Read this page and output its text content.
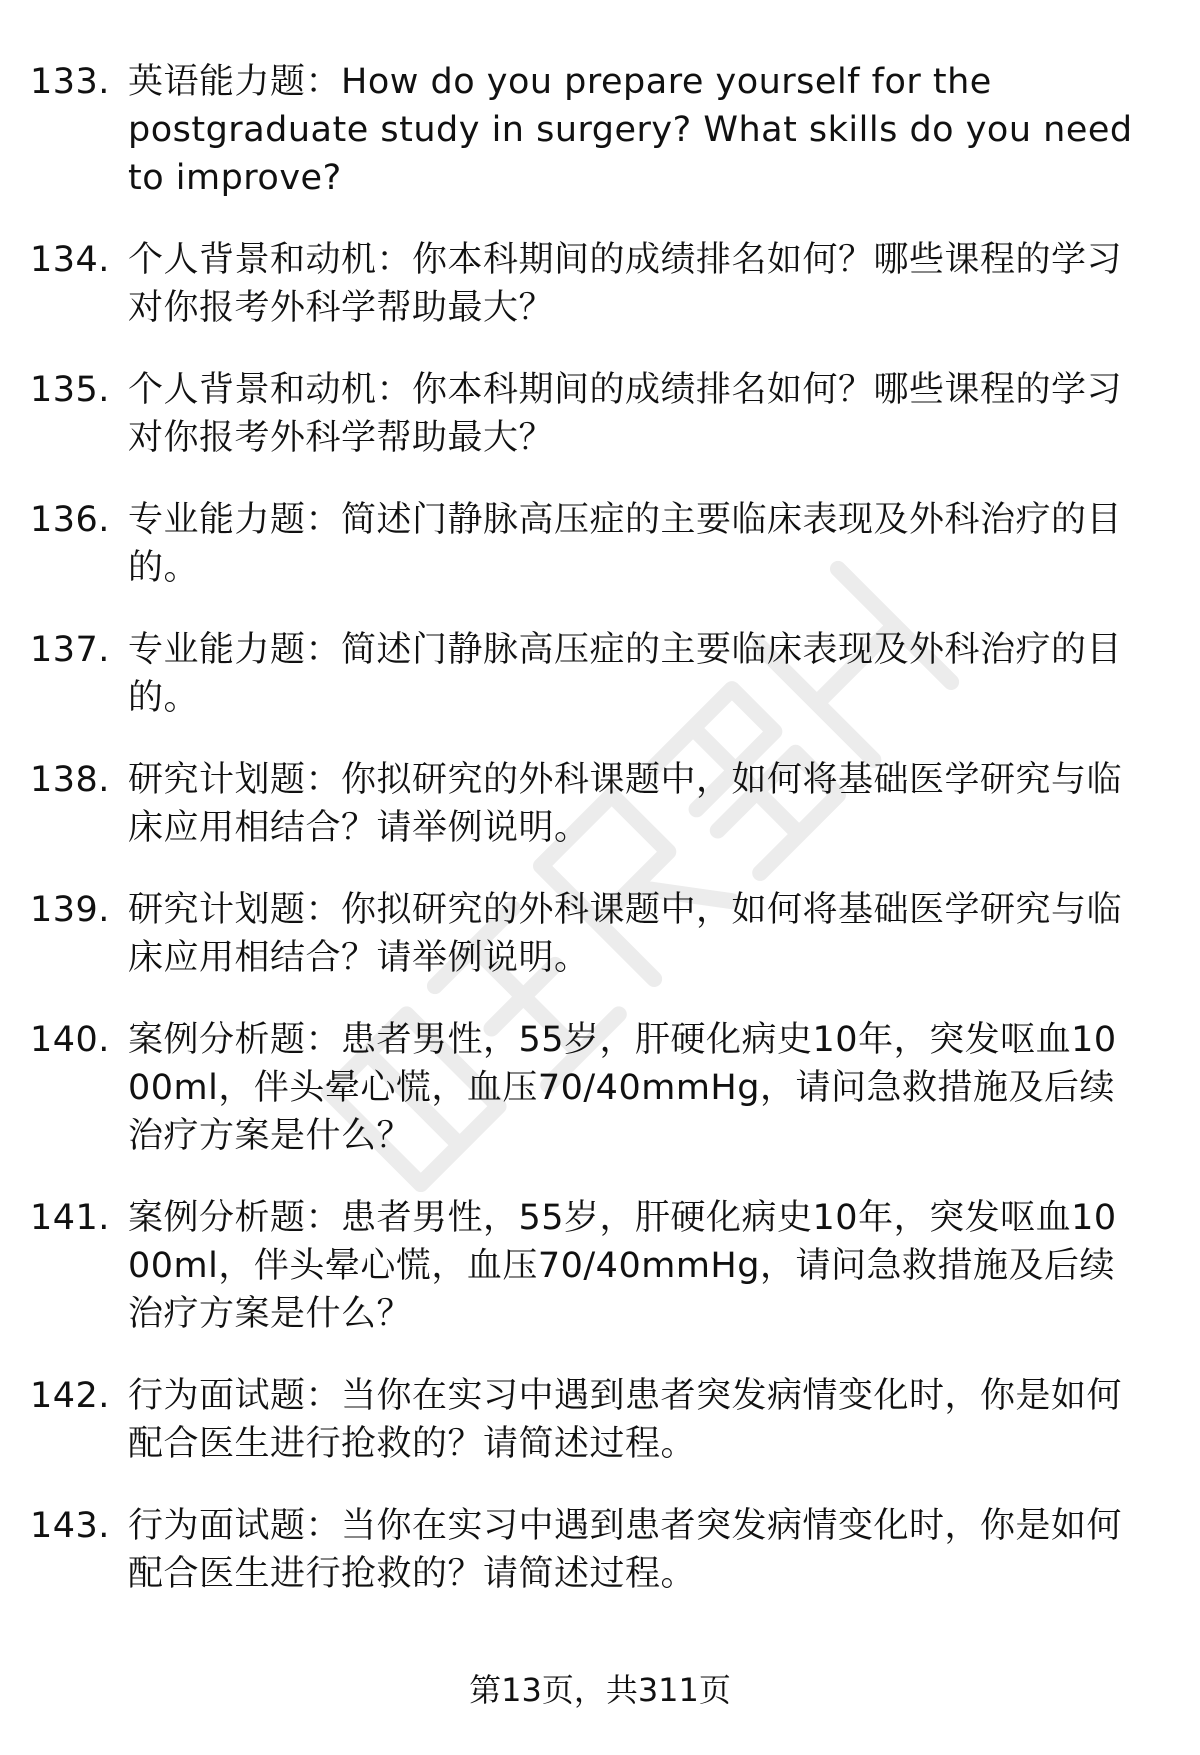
133. 英语能力题：How do you prepare yourself for the postgraduate study in surgery? What skills do you need to improve?
134. 个人背景和动机：你本科期间的成绩排名如何？哪些课程的学习对你报考外科学帮助最大？
135. 个人背景和动机：你本科期间的成绩排名如何？哪些课程的学习对你报考外科学帮助最大？
136. 专业能力题：简述门静脉高压症的主要临床表现及外科治疗的目的。
137. 专业能力题：简述门静脉高压症的主要临床表现及外科治疗的目的。
138. 研究计划题：你拟研究的外科课题中，如何将基础医学研究与临床应用相结合？请举例说明。
139. 研究计划题：你拟研究的外科课题中，如何将基础医学研究与临床应用相结合？请举例说明。
140. 案例分析题：患者男性，55岁，肝硬化病史10年，突发呕血1000ml，伴头晕心慌，血压70/40mmHg，请问急救措施及后续治疗方案是什么？
141. 案例分析题：患者男性，55岁，肝硬化病史10年，突发呕血1000ml，伴头晕心慌，血压70/40mmHg，请问急救措施及后续治疗方案是什么？
142. 行为面试题：当你在实习中遇到患者突发病情变化时，你是如何配合医生进行抢救的？请简述过程。
143. 行为面试题：当你在实习中遇到患者突发病情变化时，你是如何配合医生进行抢救的？请简述过程。
第13页，共311页
